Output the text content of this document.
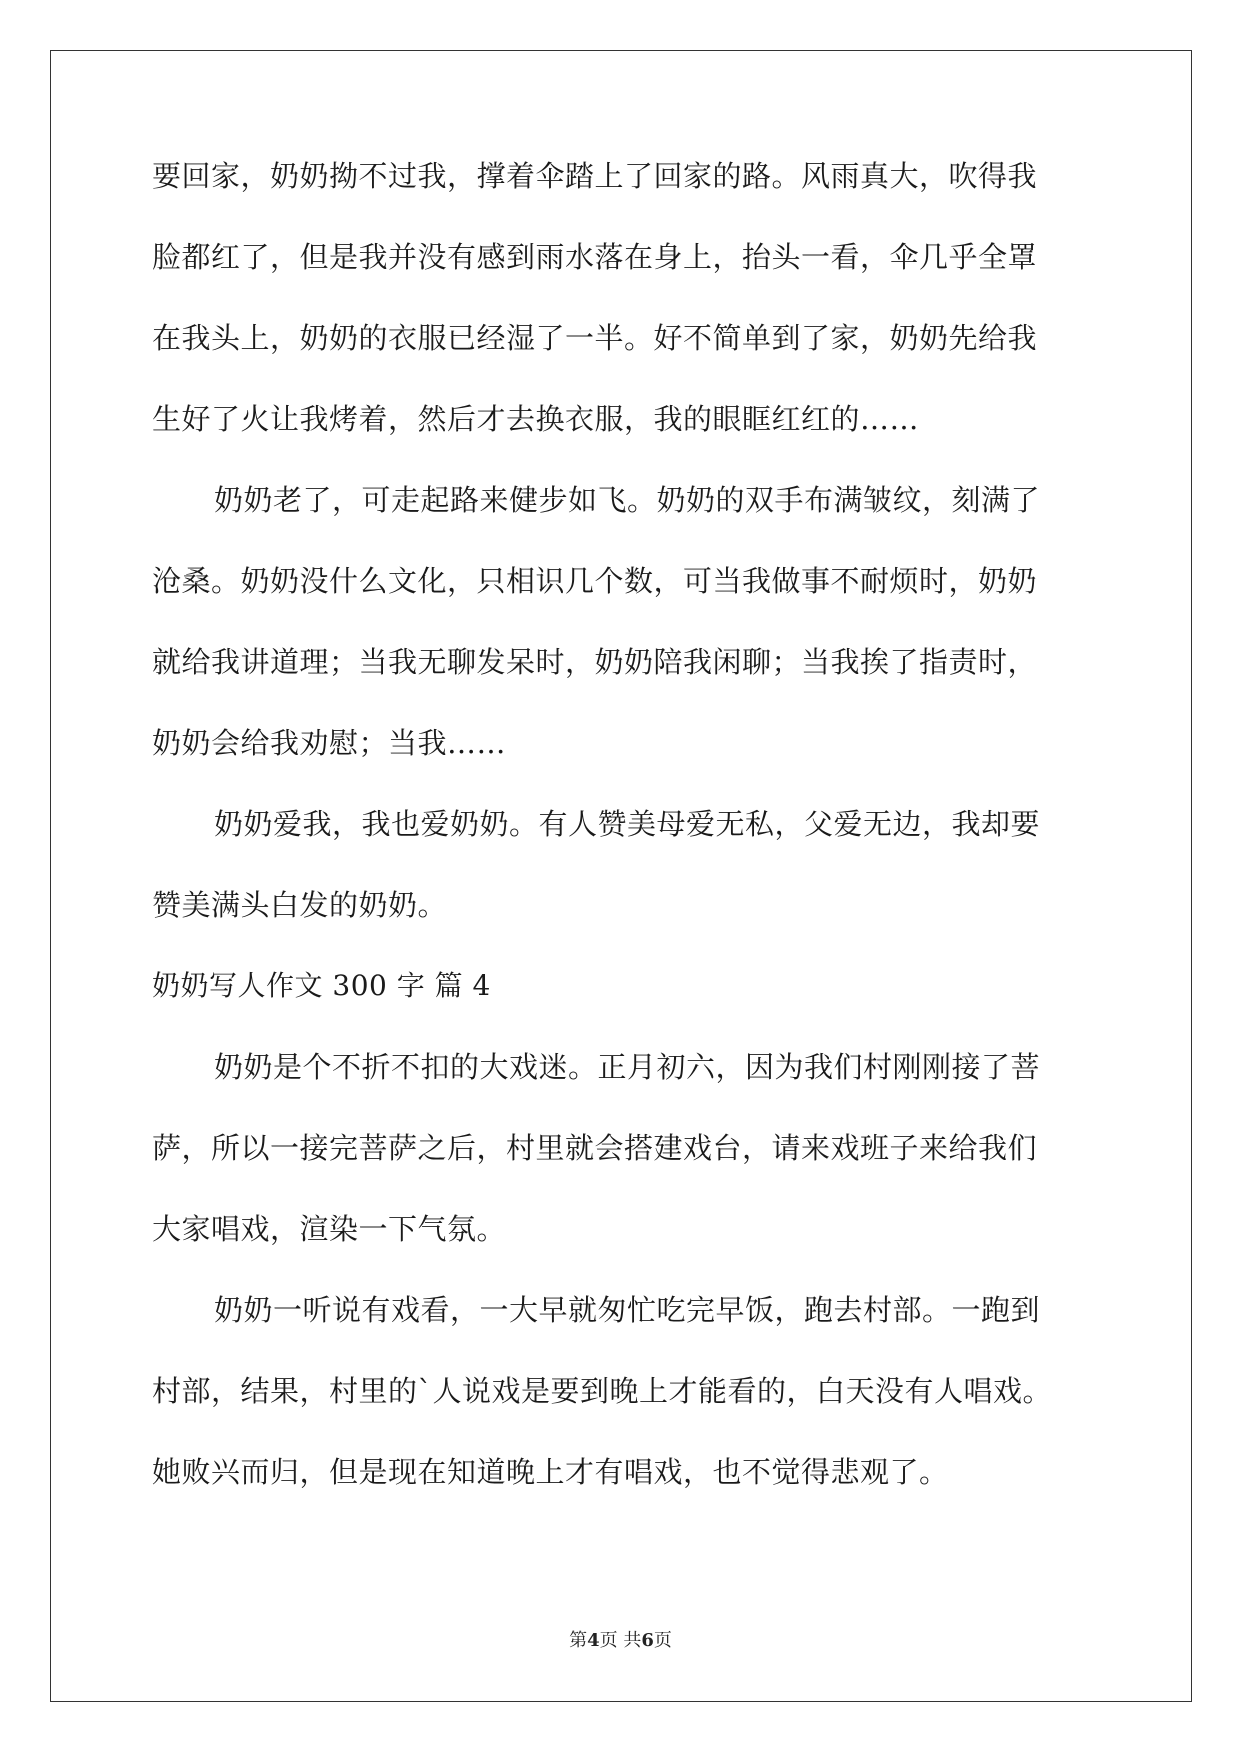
要回家，奶奶拗不过我，撑着伞踏上了回家的路。风雨真大，吹得我
脸都红了，但是我并没有感到雨水落在身上，抬头一看，伞几乎全罩
在我头上，奶奶的衣服已经湿了一半。好不简单到了家，奶奶先给我
生好了火让我烤着，然后才去换衣服，我的眼眶红红的……
奶奶老了，可走起路来健步如飞。奶奶的双手布满皱纹，刻满了
沧桑。奶奶没什么文化，只相识几个数，可当我做事不耐烦时，奶奶
就给我讲道理；当我无聊发呆时，奶奶陪我闲聊；当我挨了指责时，
奶奶会给我劝慰；当我……
奶奶爱我，我也爱奶奶。有人赞美母爱无私，父爱无边，我却要
赞美满头白发的奶奶。
奶奶写人作文 300 字 篇 4
奶奶是个不折不扣的大戏迷。正月初六，因为我们村刚刚接了菩
萨，所以一接完菩萨之后，村里就会搭建戏台，请来戏班子来给我们
大家唱戏，渲染一下气氛。
奶奶一听说有戏看，一大早就匆忙吃完早饭，跑去村部。一跑到
村部，结果，村里的`人说戏是要到晚上才能看的，白天没有人唱戏。
她败兴而归，但是现在知道晚上才有唱戏，也不觉得悲观了。
第4页 共6页
